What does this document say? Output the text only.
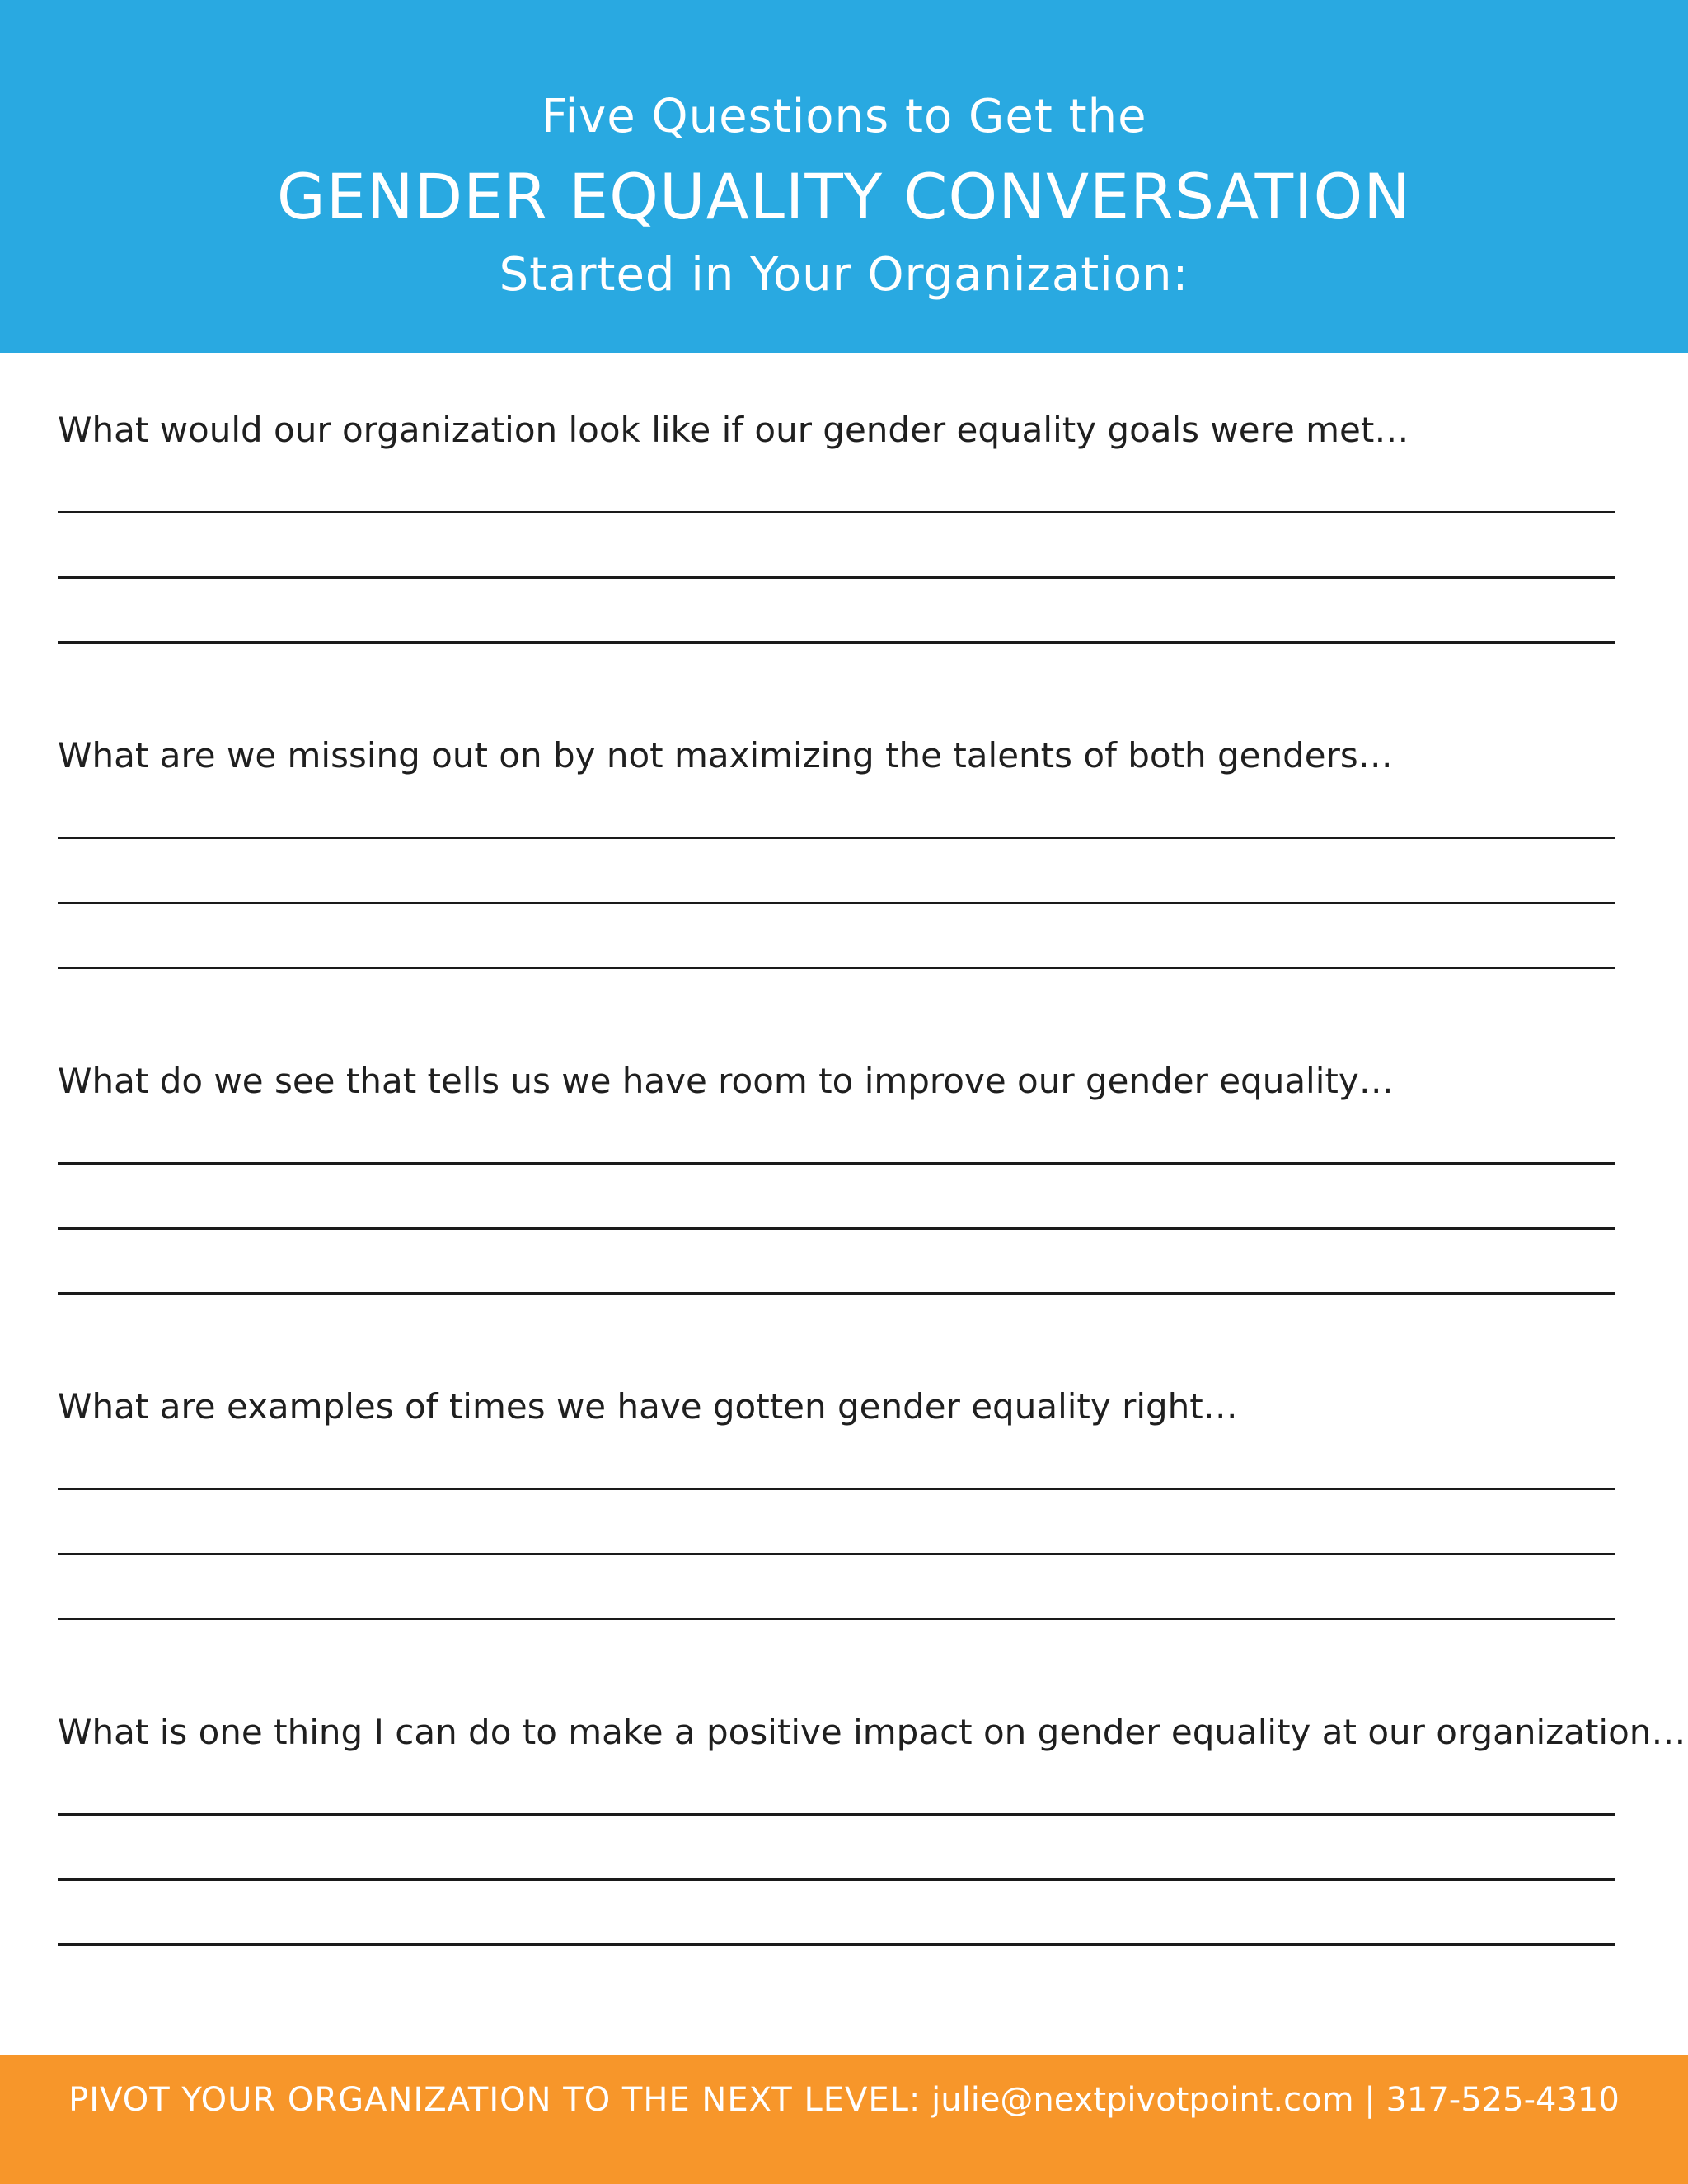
Five Questions to Get the
GENDER EQUALITY CONVERSATION
Started in Your Organization:
What would our organization look like if our gender equality goals were met…
What are we missing out on by not maximizing the talents of both genders…
What do we see that tells us we have room to improve our gender equality…
What are examples of times we have gotten gender equality right…
What is one thing I can do to make a positive impact on gender equality at our organization…
PIVOT YOUR ORGANIZATION TO THE NEXT LEVEL: julie@nextpivotpoint.com | 317-525-4310
